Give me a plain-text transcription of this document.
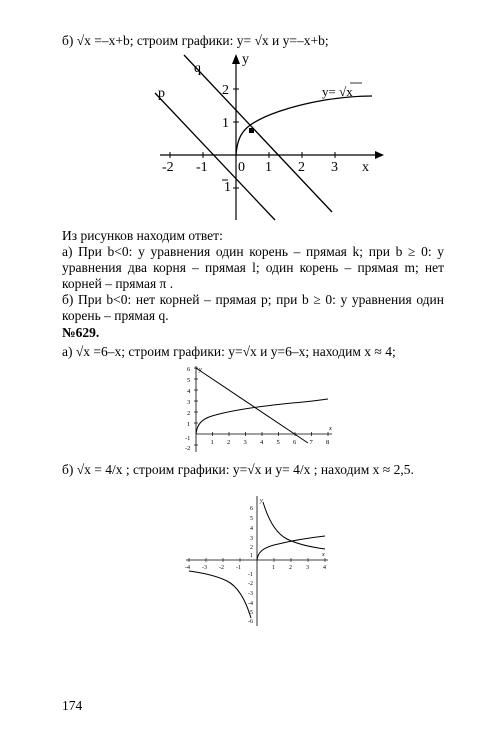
б) √x =–x+b; строим графики: y= √x и y=–x+b;
q
p
y
x
y= √x
-2 -1 0 1 2 3
2
1
1
Из рисунков находим ответ:
а) При b<0: у уравнения один корень – прямая k; при b ≥ 0: у уравнения два корня – прямая l; один корень – прямая m; нет корней – прямая π .
б) При b<0: нет корней – прямая p; при b ≥ 0: у уравнения один корень – прямая q.
№629.
а) √x =6–x; строим графики: y=√x и y=6–x; находим x ≈ 4;
1 2 3 4 5 6 7 8
6
5
4
3
2
1
-1
-2
x
y
б) √x = 4/x ; строим графики: y=√x и y= 4/x ; находим x ≈ 2,5.
-4 -3 -2 -1	1 2 3 4
6
5
4
3
2
1
-1
-2
-3
-4
-5
-6
x
y
174
